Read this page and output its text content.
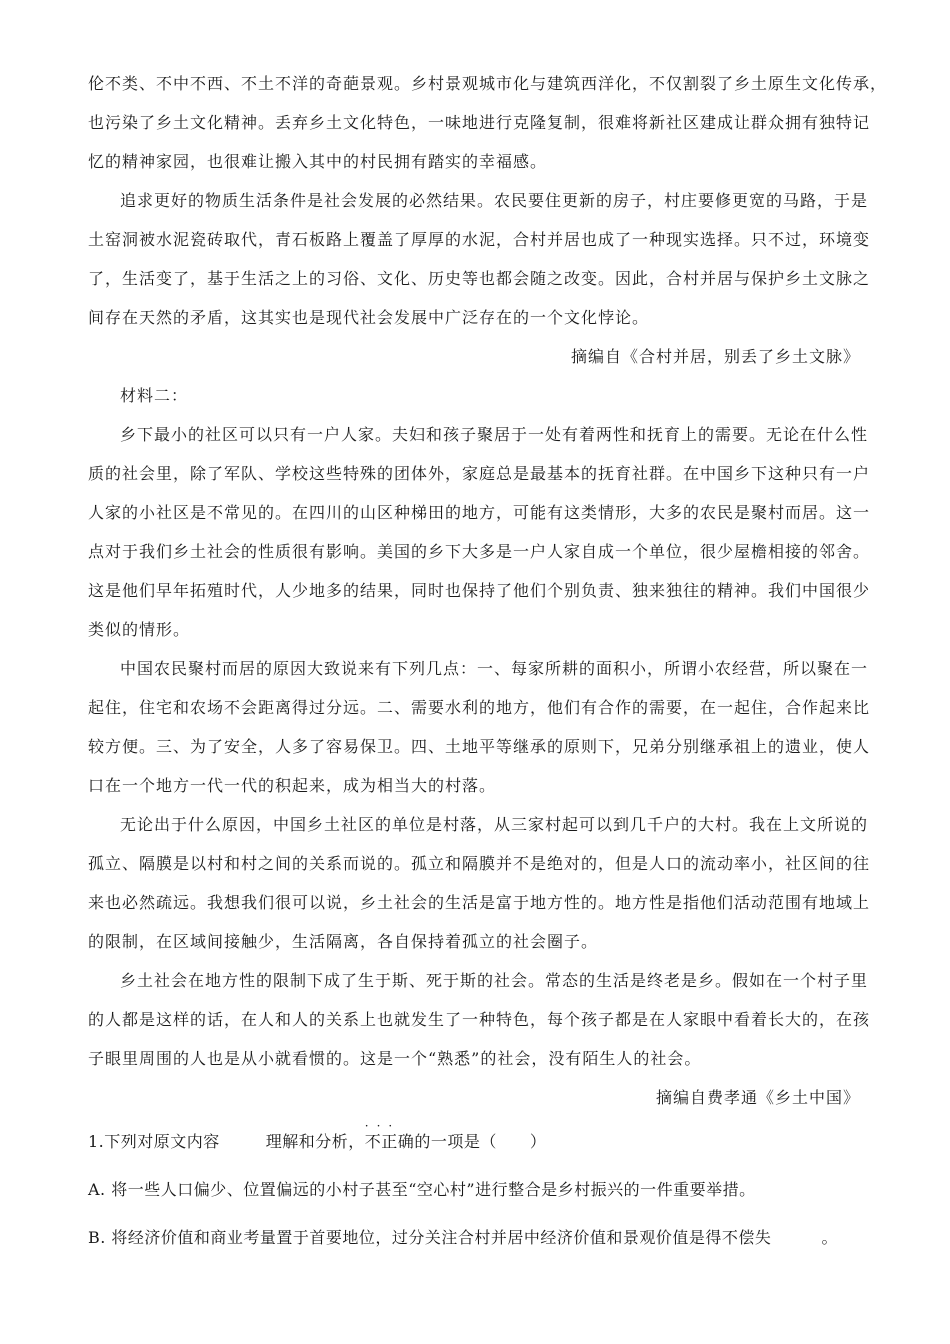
伦不类、不中不西、不土不洋的奇葩景观。乡村景观城市化与建筑西洋化，不仅割裂了乡土原生文化传承，
也污染了乡土文化精神。丢弃乡土文化特色，一味地进行克隆复制，很难将新社区建成让群众拥有独特记
忆的精神家园，也很难让搬入其中的村民拥有踏实的幸福感。
追求更好的物质生活条件是社会发展的必然结果。农民要住更新的房子，村庄要修更宽的马路，于是
土窑洞被水泥瓷砖取代，青石板路上覆盖了厚厚的水泥，合村并居也成了一种现实选择。只不过，环境变
了，生活变了，基于生活之上的习俗、文化、历史等也都会随之改变。因此，合村并居与保护乡土文脉之
间存在天然的矛盾，这其实也是现代社会发展中广泛存在的一个文化悖论。
摘编自《合村并居，别丢了乡土文脉》
材料二：
乡下最小的社区可以只有一户人家。夫妇和孩子聚居于一处有着两性和抚育上的需要。无论在什么性
质的社会里，除了军队、学校这些特殊的团体外，家庭总是最基本的抚育社群。在中国乡下这种只有一户
人家的小社区是不常见的。在四川的山区种梯田的地方，可能有这类情形，大多的农民是聚村而居。这一
点对于我们乡土社会的性质很有影响。美国的乡下大多是一户人家自成一个单位，很少屋檐相接的邻舍。
这是他们早年拓殖时代，人少地多的结果，同时也保持了他们个别负责、独来独往的精神。我们中国很少
类似的情形。
中国农民聚村而居的原因大致说来有下列几点：一、每家所耕的面积小，所谓小农经营，所以聚在一
起住，住宅和农场不会距离得过分远。二、需要水利的地方，他们有合作的需要，在一起住，合作起来比
较方便。三、为了安全，人多了容易保卫。四、土地平等继承的原则下，兄弟分别继承祖上的遗业，使人
口在一个地方一代一代的积起来，成为相当大的村落。
无论出于什么原因，中国乡土社区的单位是村落，从三家村起可以到几千户的大村。我在上文所说的
孤立、隔膜是以村和村之间的关系而说的。孤立和隔膜并不是绝对的，但是人口的流动率小，社区间的往
来也必然疏远。我想我们很可以说，乡土社会的生活是富于地方性的。地方性是指他们活动范围有地域上
的限制，在区域间接触少，生活隔离，各自保持着孤立的社会圈子。
乡土社会在地方性的限制下成了生于斯、死于斯的社会。常态的生活是终老是乡。假如在一个村子里
的人都是这样的话，在人和人的关系上也就发生了一种特色，每个孩子都是在人家眼中看着长大的，在孩
子眼里周围的人也是从小就看惯的。这是一个“熟悉”的社会，没有陌生人的社会。
摘编自费孝通《乡土中国》
1.下列对原文内容	理解和分析，
···
不正确的一项是（　　）
A. 将一些人口偏少、位置偏远的小村子甚至“空心村”进行整合是乡村振兴的一件重要举措。
B. 将经济价值和商业考量置于首要地位，过分关注合村并居中经济价值和景观价值是得不偿失	。
